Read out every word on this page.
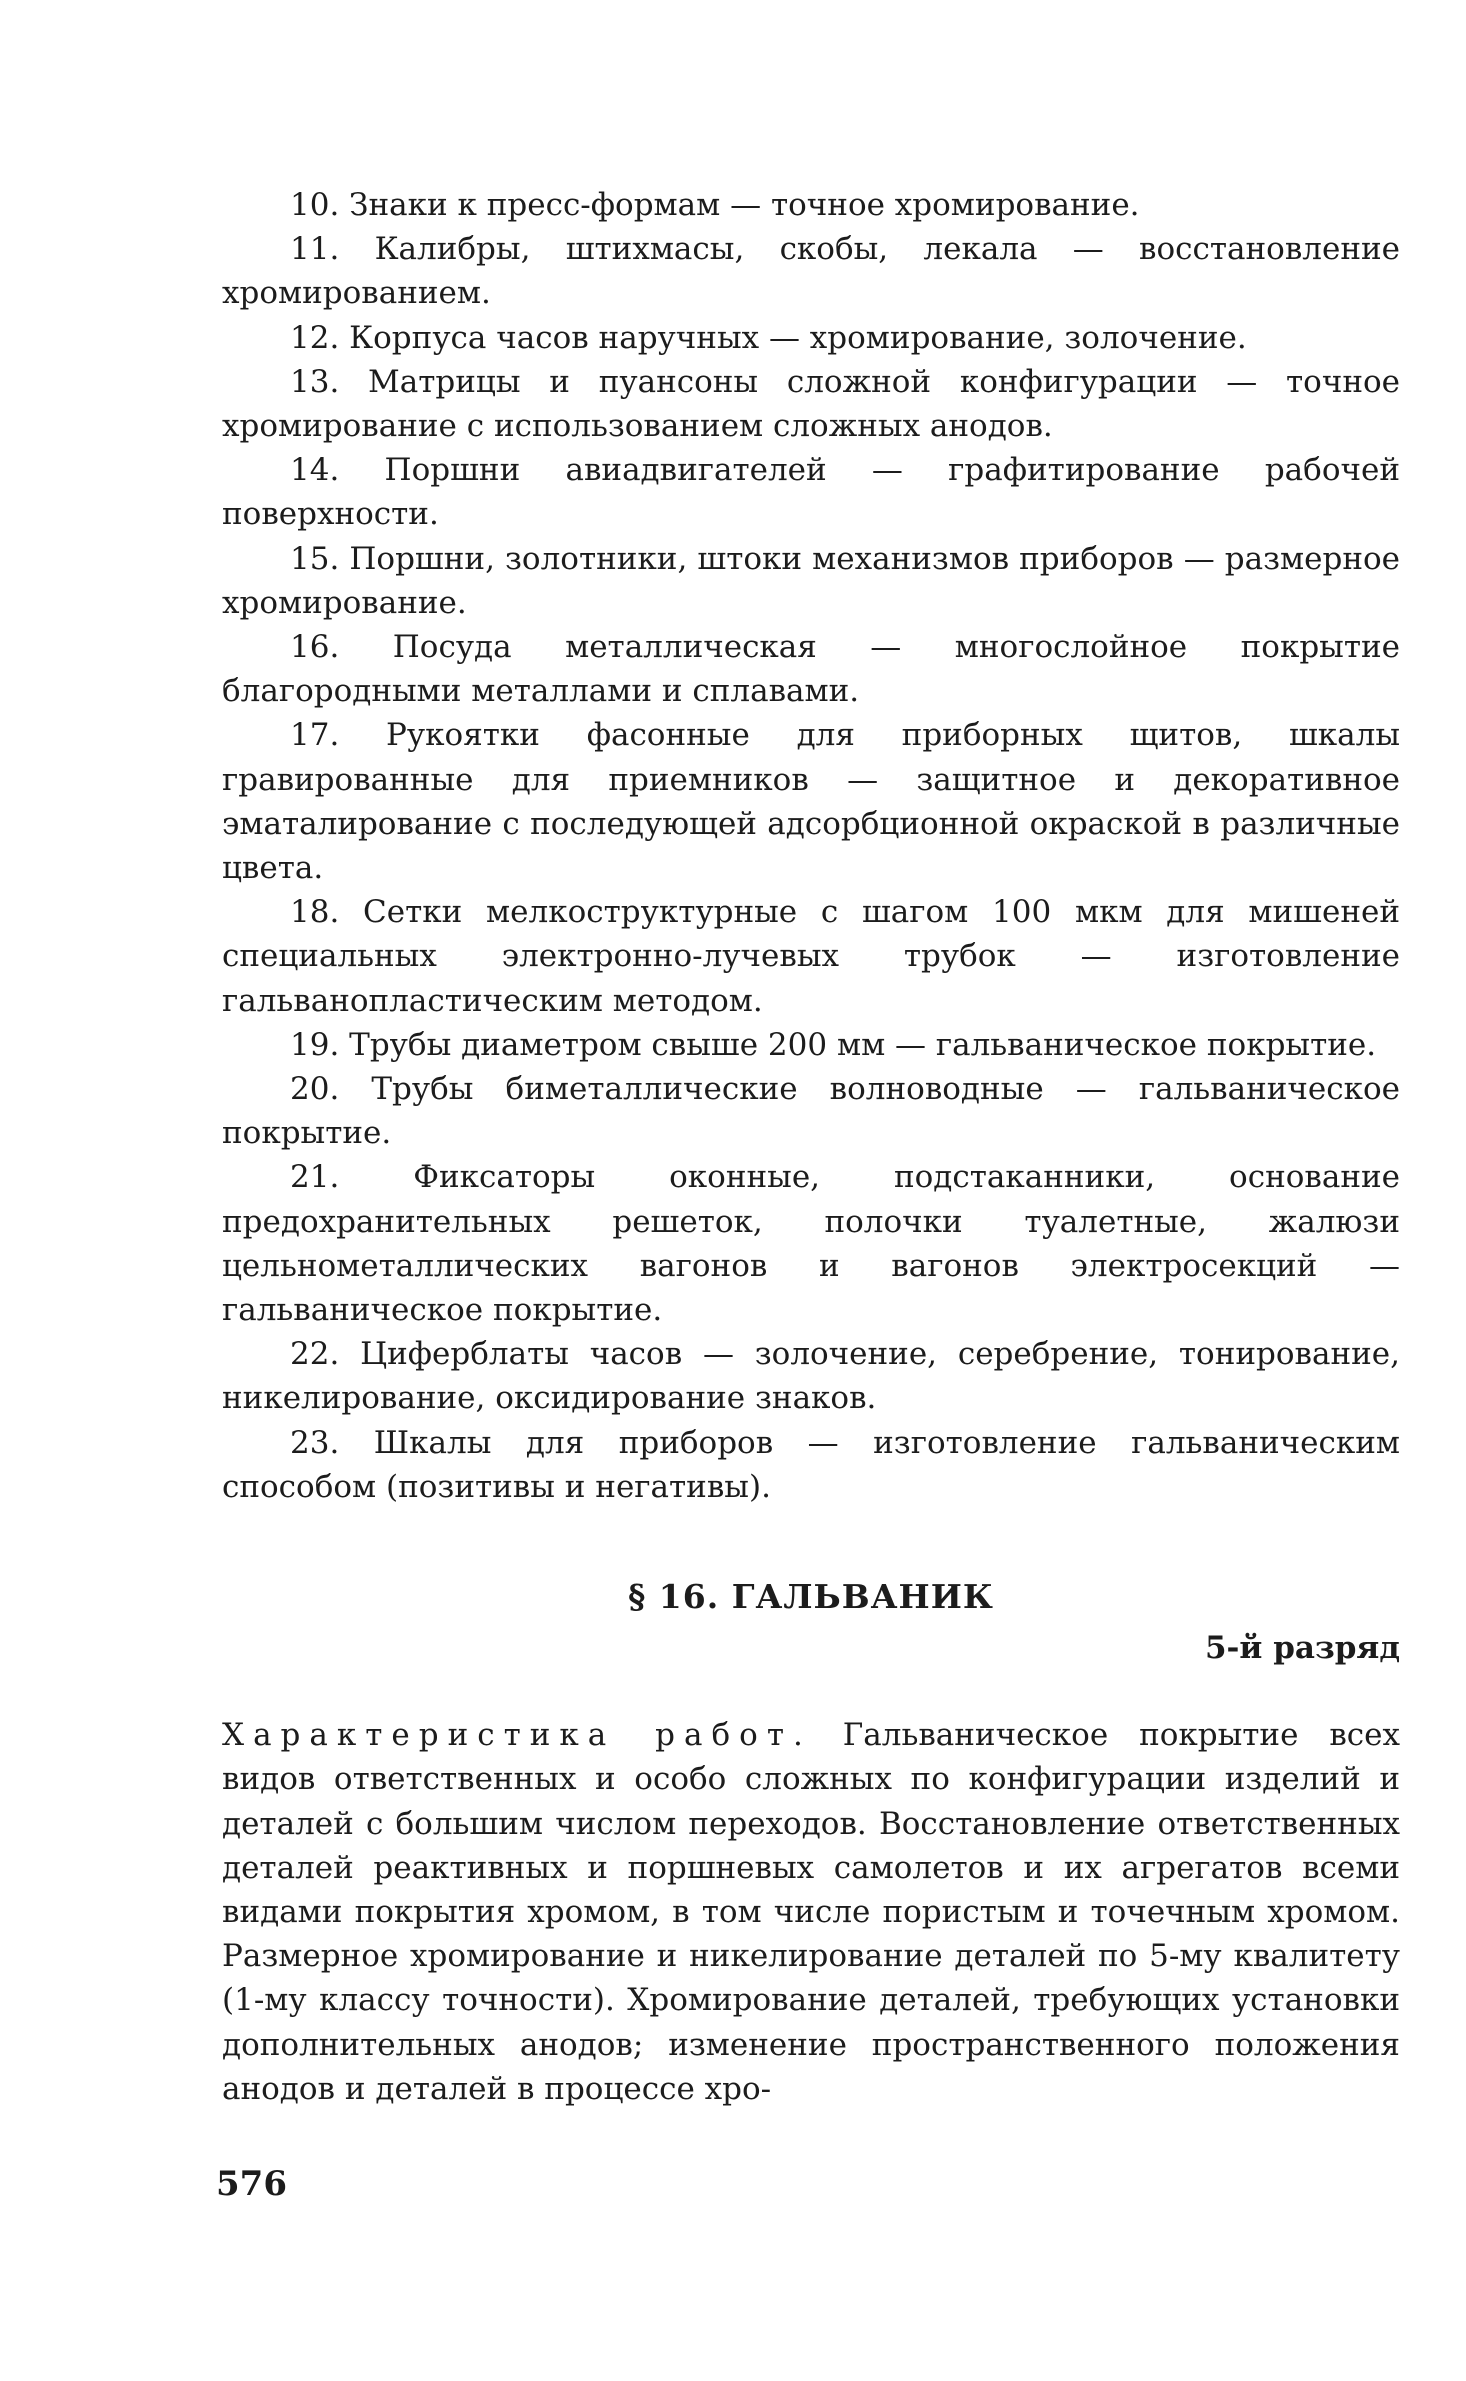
10. Знаки к пресс-формам — точное хромирование.

11. Калибры, штихмасы, скобы, лекала — восстановление хромированием.

12. Корпуса часов наручных — хромирование, золочение.

13. Матрицы и пуансоны сложной конфигурации — точное хромирование с использованием сложных анодов.

14. Поршни авиадвигателей — графитирование рабочей поверхности.

15. Поршни, золотники, штоки механизмов приборов — размерное хромирование.

16. Посуда металлическая — многослойное покрытие благородными металлами и сплавами.

17. Рукоятки фасонные для приборных щитов, шкалы гравированные для приемников — защитное и декоративное эматалирование с последующей адсорбционной окраской в различные цвета.

18. Сетки мелкоструктурные с шагом 100 мкм для мишеней специальных электронно-лучевых трубок — изготовление гальванопластическим методом.

19. Трубы диаметром свыше 200 мм — гальваническое покрытие.

20. Трубы биметаллические волноводные — гальваническое покрытие.

21. Фиксаторы оконные, подстаканники, основание предохранительных решеток, полочки туалетные, жалюзи цельнометаллических вагонов и вагонов электросекций — гальваническое покрытие.

22. Циферблаты часов — золочение, серебрение, тонирование, никелирование, оксидирование знаков.

23. Шкалы для приборов — изготовление гальваническим способом (позитивы и негативы).

§ 16. ГАЛЬВАНИК
5-й разряд

Характеристика работ. Гальваническое покрытие всех видов ответственных и особо сложных по конфигурации изделий и деталей с большим числом переходов. Восстановление ответственных деталей реактивных и поршневых самолетов и их агрегатов всеми видами покрытия хромом, в том числе пористым и точечным хромом. Размерное хромирование и никелирование деталей по 5-му квалитету (1-му классу точности). Хромирование деталей, требующих установки дополнительных анодов; изменение пространственного положения анодов и деталей в процессе хро-

576
